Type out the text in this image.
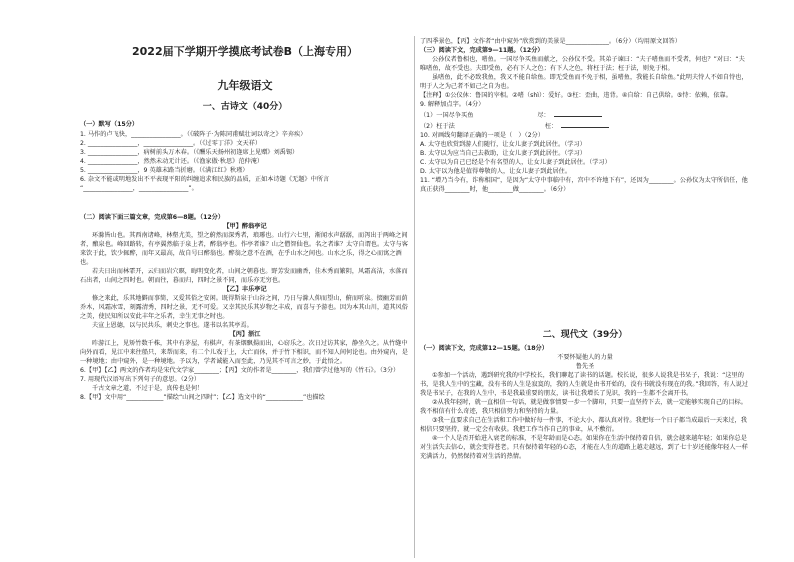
2022届下学期开学摸底考试卷B（上海专用）
九年级语文
一、古诗文（40分）

（一）默写（15分）

1. 马作的卢飞快，________________。（《破阵子·为陈同甫赋壮词以寄之》辛弃疾）

2. ________________，________________。（《过零丁洋》文天祥）

3. ________________，病树前头万木春。（《酬乐天扬州初逢席上见赠》刘禹锡）

4. ________________，然然未动无计还。（《渔家傲·秋思》范仲淹）

5. ________________，9 英雄末路当折磨。（《满江红》秋瑾）

6. 杂文不能或明地发出不平表现平阳的纠缠追求和民族的品质，正如本诗题《无题》中所言

“________________，________________”。

（二）阅读下面三篇文章，完成第6—8题。（12分）

【甲】醉翁亭记

环滁皆山也。其西南诸峰，林壑尤美，望之蔚然而深秀者，琅琊也。山行六七里，渐闻水声潺潺，而泻出于两峰之间者，酿泉也。峰回路转，有亭翼然临于泉上者，醉翁亭也。作亭者谁？山之僧智仙也。名之者谁？太守自谓也。太守与客来饮于此，饮少辄醉，而年又最高，故自号曰醉翁也。醉翁之意不在酒，在乎山水之间也。山水之乐，得之心而寓之酒也。

若夫日出而林霏开，云归而岩穴暝，晦明变化者，山间之朝暮也。野芳发而幽香，佳木秀而繁阴，风霜高洁，水落而石出者，山间之四时也。朝而往，暮而归，四时之景不同，而乐亦无穷也。

【乙】丰乐亭记

修之来此，乐其地僻而事简，又爱其俗之安闲。既得斯泉于山谷之间，乃日与滁人仰而望山，俯而听泉。掇幽芳而荫乔木，风霜冰雪，刻露清秀，四时之景，无不可爱。又幸其民乐其岁物之丰成，而喜与予游也。因为本其山川，道其风俗之美，使民知所以安此丰年之乐者，幸生无事之时也。

夫宣上恩德，以与民共乐，刺史之事也。遂书以名其亭焉。

【丙】浙江

昨游江上，见矫竹数千株，其中有茅屋，有棋声，有茶烟飘揚而出，心窃乐之。次日过访其家，静坐久之。从竹缝中向外而看，见江中来往船只，来帮而来，有二个儿戏于上，大亡而休，并于竹下相识，而不知人间何论也。由外窥内，是一种境地；由中窥外，是一种境地。予以为，学者诚能入而至此，乃见其不可言之妙，于此悟之。

6.【甲】【乙】两文的作者均是宋代文学家________；【丙】文的作者是________，我们曾学过他写的《竹石》。（3分）

7. 用现代汉语写出下列句子的意思。（2分）

千古文章之道，不过于是，真传也是何！

8.【甲】文中用“____________”描绘“山间之四时”；【乙】选文中的“____________”也描绘

了四季景色，【丙】文作者“由中窥外”欣赏到的美景是______________。（6分）（均用原文回答）

（三）阅读下文，完成第9—11题。（12分）

公孙仪者鲁相也，嗜鱼。一国尽争买鱼而献之，公孙仪不受。其弟子谏曰：“夫子嗜鱼而不受者，何也？”对曰：“夫唯嗜鱼，故不受也。夫即受鱼，必有下人之色；有下人之色，将枉于法；枉于法，则免于相。

虽嗜鱼，此不必致我鱼，我又不能自给鱼。即无受鱼而不免于相，虽嗜鱼，我能长自给鱼。”此明夫恃人不如自恃也，明于人之为己者不如己之自为也。

【注释】①公仪休：鲁国的宰相。②嗜（shì）：爱好。③枉：歪曲，违背。④自给：自己供给。⑤恃：依赖，依靠。

9. 解释加点字。（4分）

（1）一国尽争买鱼	尽：

（2）枉于法	枉：

10. 对画线句翻译正确的一项是（　）（2分）

A. 太守也欣赏到游人们随行，让女儿妻子到此居住。（学习）

B. 太守以为应当自己去救助，让女儿妻子到此居住。（学习）

C. 太守以为自己已经是个有名望的人，让女儿妻子到此居住。（学习）

D. 太守以为他是值得尊敬的人，让女儿妻子到此居住。

11. “增乃当今有，诈称相国”，是因为“太守中事临中有，宫中不许地下有”，还因为________。公孙仪为太守所信任，他真正获得________时，他________做________。（6分）

二、现代文（39分）

（一）阅读下文，完成第12—15题。（18分）

不要怀疑他人的力量

鲁先圣

①参加一个活动，遇到研究我的中学校长，我们聊起了读书的话题。校长说，很多人说我是书呆子，我说：“这里的书，是我人生中的宝藏，没有书的人生是寂寞的，我的人生就是由书开始的，没有书就没有现在的我。”我回答，有人说过我是书呆子，在我的人生中，书是我最重要的朋友，读书让我增长了见识，我的一生都不会离开书。

②从我年轻时，就一直相信一句话，就是做事情要一步一个脚印，只要一直坚持下去，就一定能够实现自己的目标。我不相信有什么奇迹，我只相信努力和坚持的力量。

③我一直要求自己在生活和工作中做好每一件事，不论大小，都认真对待。我把每一个日子都当成最后一天来过，我相信只要坚持，就一定会有收获。我把工作当作自己的事业，从不敷衍。

④一个人是否开始进入衰老的标准，不是年龄而是心态。如果你在生活中保持着自信，就会越来越年轻；如果你总是对生活失去信心，就会变得苍老。只有保持着年轻的心态，才能在人生的道路上越走越远，到了七十岁还能像年轻人一样充满活力，仍然保持着对生活的热情。
